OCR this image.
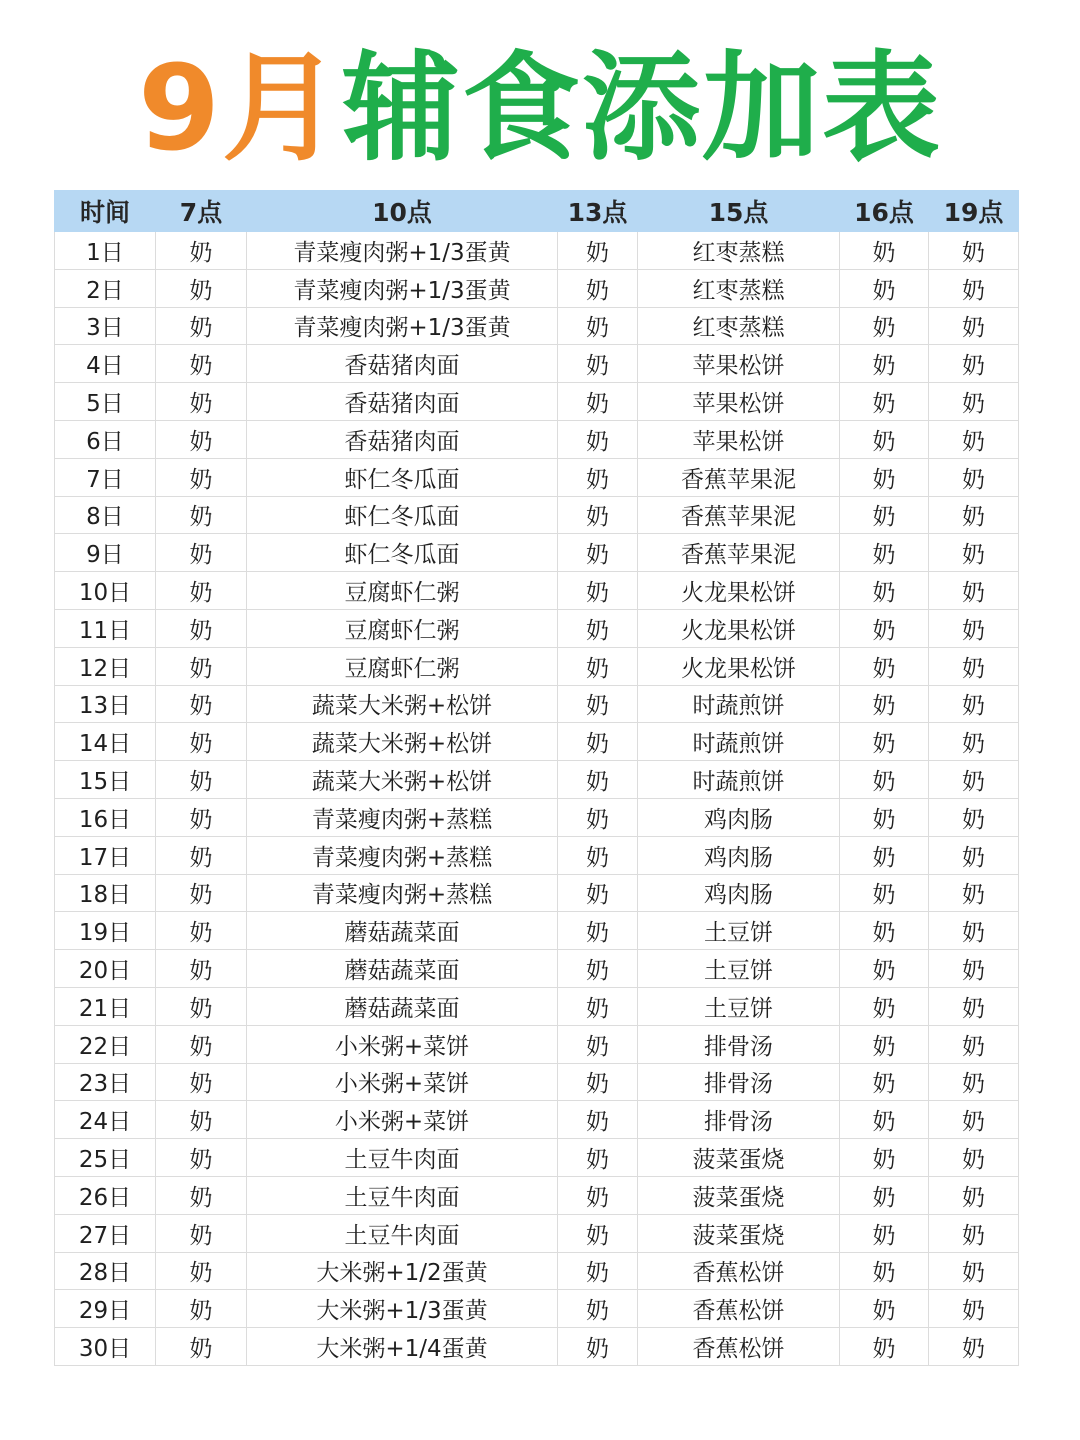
9月辅食添加表
时间	7点	10点	13点	15点	16点	19点
1日	奶	青菜瘦肉粥+1/3蛋黄	奶	红枣蒸糕	奶	奶
2日	奶	青菜瘦肉粥+1/3蛋黄	奶	红枣蒸糕	奶	奶
3日	奶	青菜瘦肉粥+1/3蛋黄	奶	红枣蒸糕	奶	奶
4日	奶	香菇猪肉面	奶	苹果松饼	奶	奶
5日	奶	香菇猪肉面	奶	苹果松饼	奶	奶
6日	奶	香菇猪肉面	奶	苹果松饼	奶	奶
7日	奶	虾仁冬瓜面	奶	香蕉苹果泥	奶	奶
8日	奶	虾仁冬瓜面	奶	香蕉苹果泥	奶	奶
9日	奶	虾仁冬瓜面	奶	香蕉苹果泥	奶	奶
10日	奶	豆腐虾仁粥	奶	火龙果松饼	奶	奶
11日	奶	豆腐虾仁粥	奶	火龙果松饼	奶	奶
12日	奶	豆腐虾仁粥	奶	火龙果松饼	奶	奶
13日	奶	蔬菜大米粥+松饼	奶	时蔬煎饼	奶	奶
14日	奶	蔬菜大米粥+松饼	奶	时蔬煎饼	奶	奶
15日	奶	蔬菜大米粥+松饼	奶	时蔬煎饼	奶	奶
16日	奶	青菜瘦肉粥+蒸糕	奶	鸡肉肠	奶	奶
17日	奶	青菜瘦肉粥+蒸糕	奶	鸡肉肠	奶	奶
18日	奶	青菜瘦肉粥+蒸糕	奶	鸡肉肠	奶	奶
19日	奶	蘑菇蔬菜面	奶	土豆饼	奶	奶
20日	奶	蘑菇蔬菜面	奶	土豆饼	奶	奶
21日	奶	蘑菇蔬菜面	奶	土豆饼	奶	奶
22日	奶	小米粥+菜饼	奶	排骨汤	奶	奶
23日	奶	小米粥+菜饼	奶	排骨汤	奶	奶
24日	奶	小米粥+菜饼	奶	排骨汤	奶	奶
25日	奶	土豆牛肉面	奶	菠菜蛋烧	奶	奶
26日	奶	土豆牛肉面	奶	菠菜蛋烧	奶	奶
27日	奶	土豆牛肉面	奶	菠菜蛋烧	奶	奶
28日	奶	大米粥+1/2蛋黄	奶	香蕉松饼	奶	奶
29日	奶	大米粥+1/3蛋黄	奶	香蕉松饼	奶	奶
30日	奶	大米粥+1/4蛋黄	奶	香蕉松饼	奶	奶
